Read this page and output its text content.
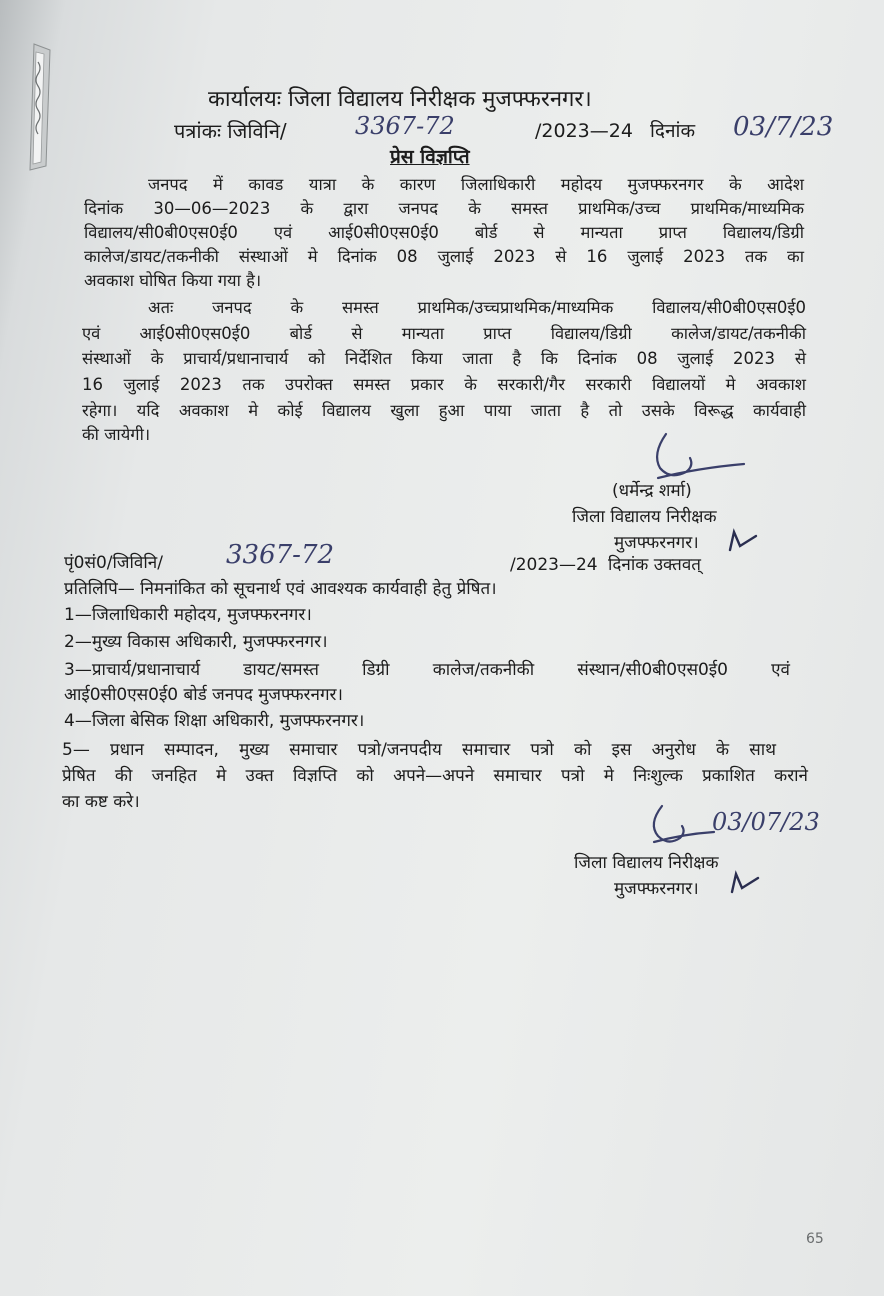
कार्यालयः जिला विद्यालय निरीक्षक मुजफ्फरनगर।
पत्रांकः जिविनि/	3367-72	/2023—24 दिनांक 03/7/23
प्रेस विज्ञप्ति
जनपद में कावड यात्रा के कारण जिलाधिकारी महोदय मुजफ्फरनगर के आदेश
दिनांक 30—06—2023 के द्वारा जनपद के समस्त प्राथमिक/उच्च प्राथमिक/माध्यमिक
विद्यालय/सी0बी0एस0ई0 एवं आई0सी0एस0ई0 बोर्ड से मान्यता प्राप्त विद्यालय/डिग्री
कालेज/डायट/तकनीकी संस्थाओं मे दिनांक 08 जुलाई 2023 से 16 जुलाई 2023 तक का
अवकाश घोषित किया गया है।
अतः जनपद के समस्त प्राथमिक/उच्चप्राथमिक/माध्यमिक विद्यालय/सी0बी0एस0ई0
एवं आई0सी0एस0ई0 बोर्ड से मान्यता प्राप्त विद्यालय/डिग्री कालेज/डायट/तकनीकी
संस्थाओं के प्राचार्य/प्रधानाचार्य को निर्देशित किया जाता है कि दिनांक 08 जुलाई 2023 से
16 जुलाई 2023 तक उपरोक्त समस्त प्रकार के सरकारी/गैर सरकारी विद्यालयों मे अवकाश
रहेगा। यदि अवकाश मे कोई विद्यालय खुला हुआ पाया जाता है तो उसके विरूद्ध कार्यवाही
की जायेगी।
(धर्मेन्द्र शर्मा)
जिला विद्यालय निरीक्षक
मुजफ्फरनगर।
पृं0सं0/जिविनि/ 3367-72	/2023—24 दिनांक उक्तवत्
प्रतिलिपि— निमनांकित को सूचनार्थ एवं आवश्यक कार्यवाही हेतु प्रेषित।
1—जिलाधिकारी महोदय, मुजफ्फरनगर।
2—मुख्य विकास अधिकारी, मुजफ्फरनगर।
3—प्राचार्य/प्रधानाचार्य डायट/समस्त डिग्री कालेज/तकनीकी संस्थान/सी0बी0एस0ई0 एवं
आई0सी0एस0ई0 बोर्ड जनपद मुजफ्फरनगर।
4—जिला बेसिक शिक्षा अधिकारी, मुजफ्फरनगर।
5— प्रधान सम्पादन, मुख्य समाचार पत्रो/जनपदीय समाचार पत्रो को इस अनुरोध के साथ
प्रेषित की जनहित मे उक्त विज्ञप्ति को अपने—अपने समाचार पत्रो मे निःशुल्क प्रकाशित कराने
का कष्ट करे।
03/07/23
जिला विद्यालय निरीक्षक
मुजफ्फरनगर।
65
